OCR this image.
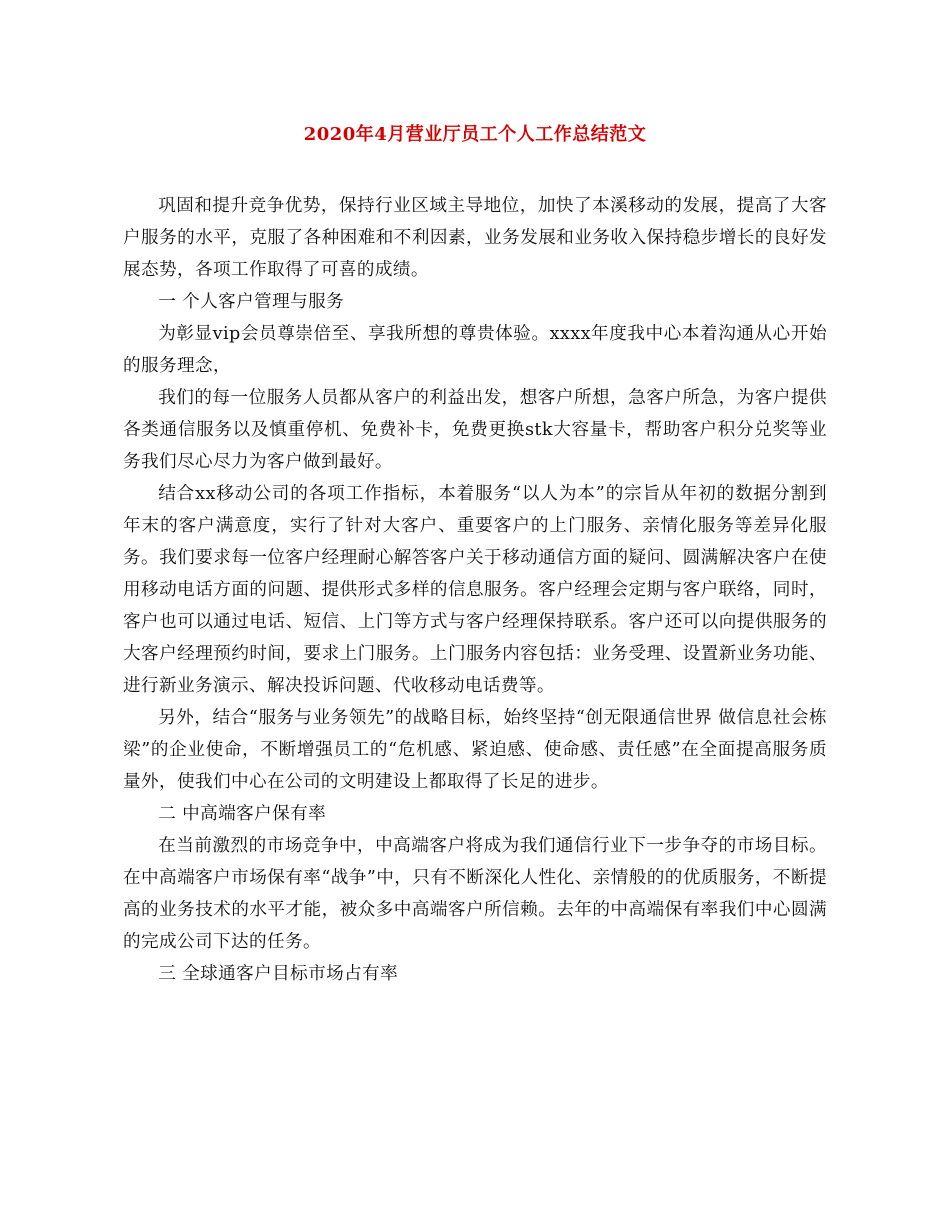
2020年4月营业厅员工个人工作总结范文

巩固和提升竞争优势，保持行业区域主导地位，加快了本溪移动的发展，提高了大客户服务的水平，克服了各种困难和不利因素，业务发展和业务收入保持稳步增长的良好发展态势，各项工作取得了可喜的成绩。

一 个人客户管理与服务

为彰显vip会员尊崇倍至、享我所想的尊贵体验。xxxx年度我中心本着沟通从心开始的服务理念，

我们的每一位服务人员都从客户的利益出发，想客户所想，急客户所急，为客户提供各类通信服务以及慎重停机、免费补卡，免费更换stk大容量卡，帮助客户积分兑奖等业务我们尽心尽力为客户做到最好。

结合xx移动公司的各项工作指标，本着服务“以人为本”的宗旨从年初的数据分割到年末的客户满意度，实行了针对大客户、重要客户的上门服务、亲情化服务等差异化服务。我们要求每一位客户经理耐心解答客户关于移动通信方面的疑问、圆满解决客户在使用移动电话方面的问题、提供形式多样的信息服务。客户经理会定期与客户联络，同时，客户也可以通过电话、短信、上门等方式与客户经理保持联系。客户还可以向提供服务的大客户经理预约时间，要求上门服务。上门服务内容包括：业务受理、设置新业务功能、进行新业务演示、解决投诉问题、代收移动电话费等。

另外，结合“服务与业务领先”的战略目标，始终坚持“创无限通信世界 做信息社会栋梁”的企业使命，不断增强员工的“危机感、紧迫感、使命感、责任感”在全面提高服务质量外，使我们中心在公司的文明建设上都取得了长足的进步。

二 中高端客户保有率

在当前激烈的市场竞争中，中高端客户将成为我们通信行业下一步争夺的市场目标。在中高端客户市场保有率“战争”中，只有不断深化人性化、亲情般的的优质服务，不断提高的业务技术的水平才能，被众多中高端客户所信赖。去年的中高端保有率我们中心圆满的完成公司下达的任务。

三 全球通客户目标市场占有率
